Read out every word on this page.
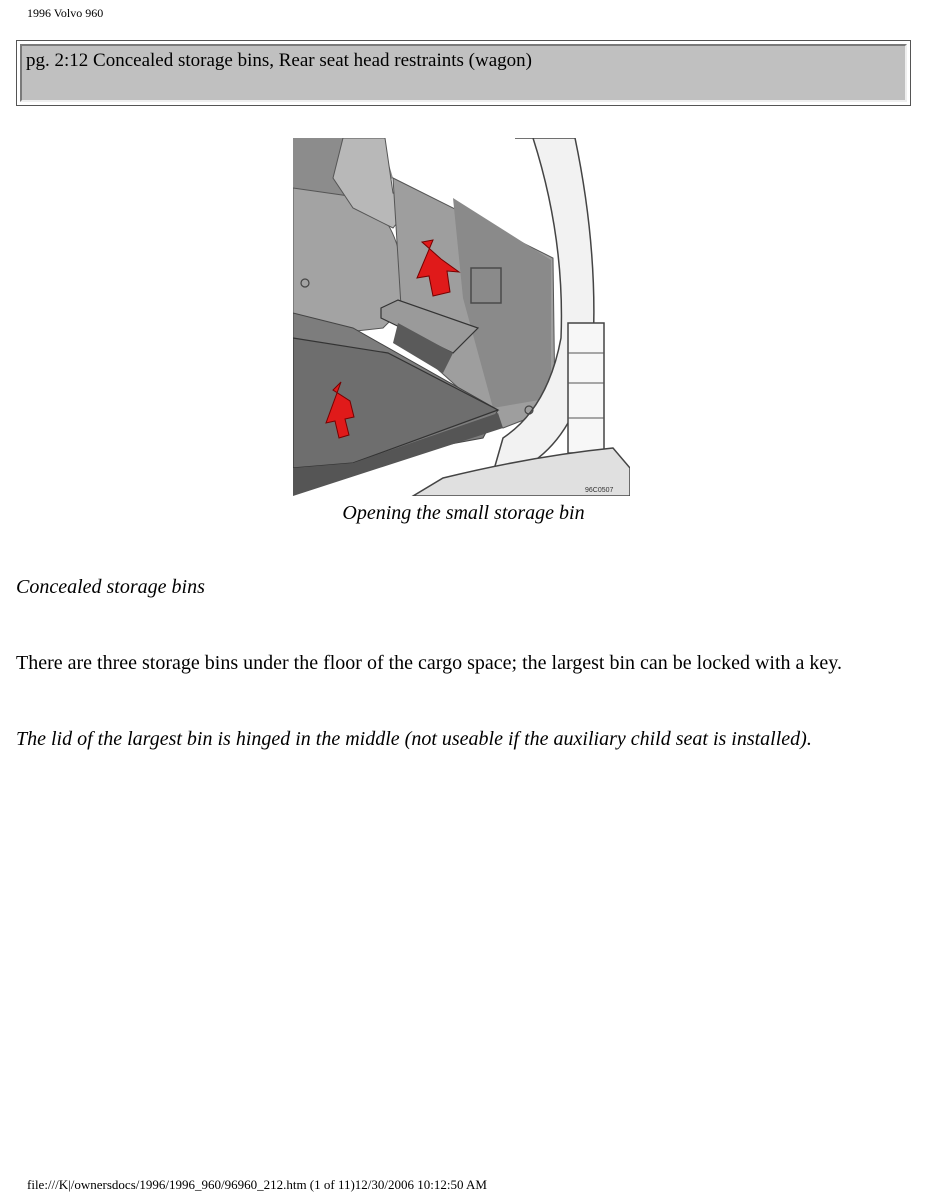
1996 Volvo 960
pg. 2:12 Concealed storage bins, Rear seat head restraints (wagon)
96C0507
Opening the small storage bin
Concealed storage bins
There are three storage bins under the floor of the cargo space; the largest bin can be locked with a key.
The lid of the largest bin is hinged in the middle (not useable if the auxiliary child seat is installed).
file:///K|/ownersdocs/1996/1996_960/96960_212.htm (1 of 11)12/30/2006 10:12:50 AM
